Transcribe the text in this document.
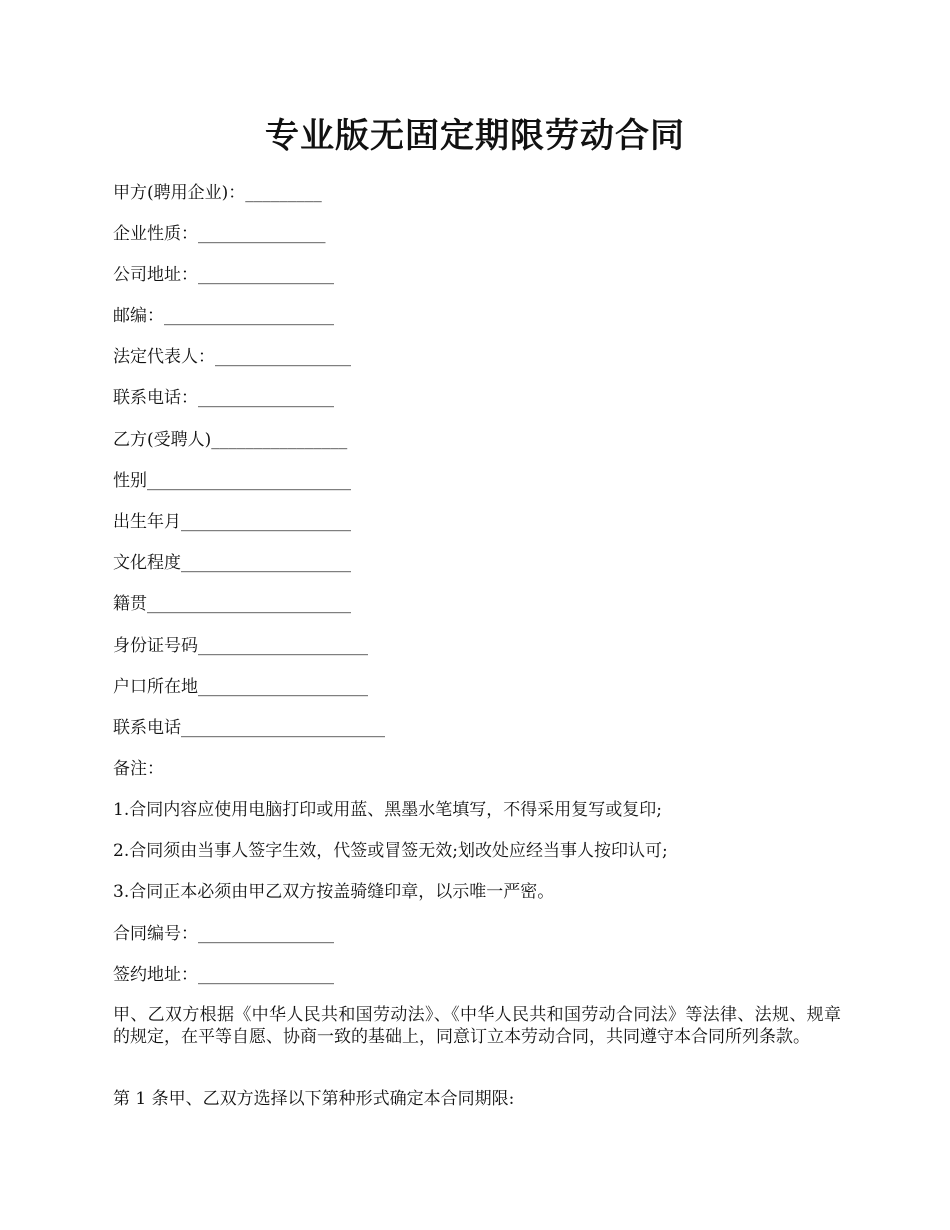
专业版无固定期限劳动合同

甲方(聘用企业)：_________

企业性质：_______________

公司地址：________________

邮编：____________________

法定代表人：________________

联系电话：________________

乙方(受聘人)________________

性别________________________

出生年月____________________

文化程度____________________

籍贯________________________

身份证号码____________________

户口所在地____________________

联系电话________________________

备注：

1.合同内容应使用电脑打印或用蓝、黑墨水笔填写，不得采用复写或复印;

2.合同须由当事人签字生效，代签或冒签无效;划改处应经当事人按印认可;

3.合同正本必须由甲乙双方按盖骑缝印章，以示唯一严密。

合同编号：________________

签约地址：________________

甲、乙双方根据《中华人民共和国劳动法》、《中华人民共和国劳动合同法》等法律、法规、规章的规定，在平等自愿、协商一致的基础上，同意订立本劳动合同，共同遵守本合同所列条款。

第 1 条甲、乙双方选择以下第种形式确定本合同期限:
